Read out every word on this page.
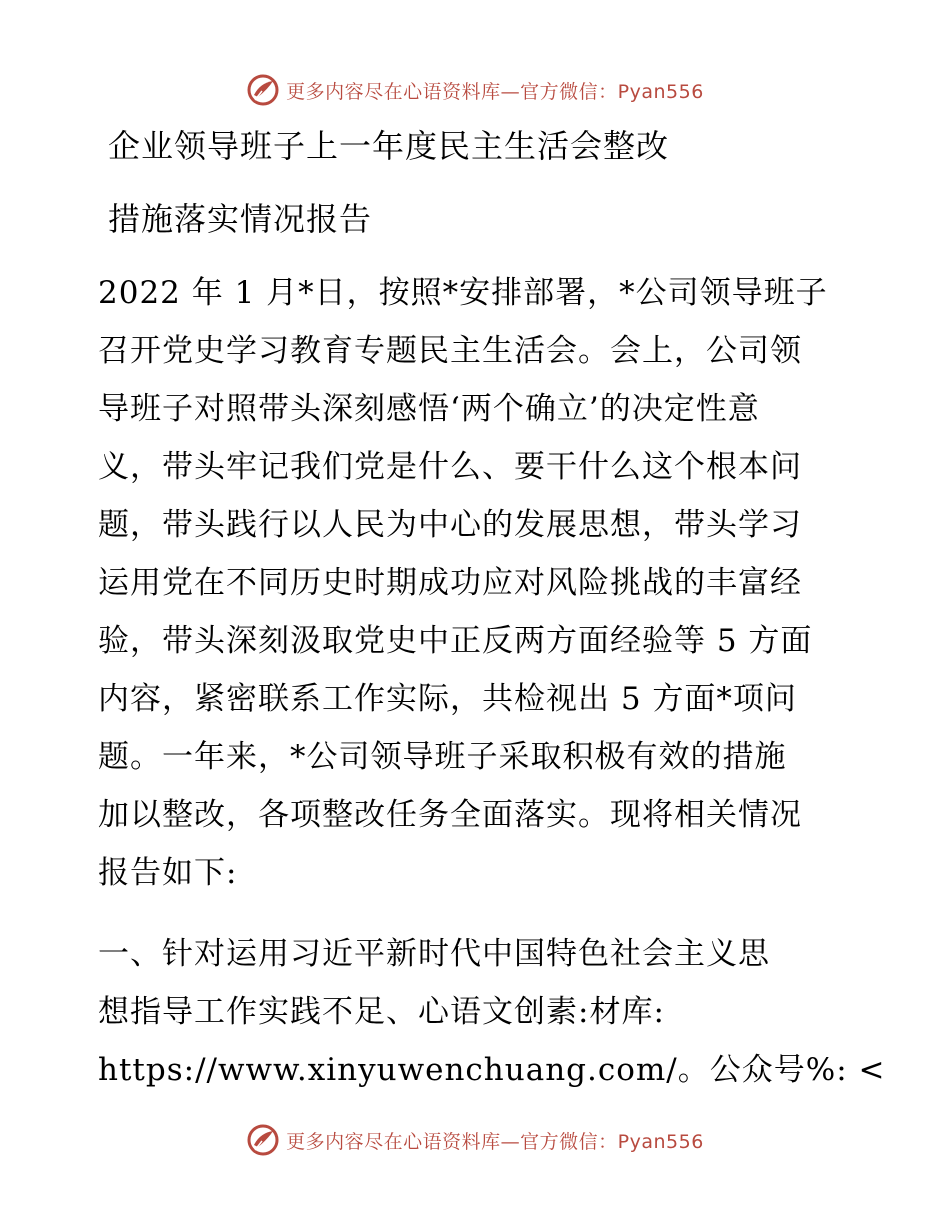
更多内容尽在心语资料库—官方微信：Pyan556
企业领导班子上一年度民主生活会整改
措施落实情况报告
2022 年 1 月*日，按照*安排部署，*公司领导班子
召开党史学习教育专题民主生活会。会上，公司领
导班子对照带头深刻感悟‘两个确立’的决定性意
义，带头牢记我们党是什么、要干什么这个根本问
题，带头践行以人民为中心的发展思想，带头学习
运用党在不同历史时期成功应对风险挑战的丰富经
验，带头深刻汲取党史中正反两方面经验等 5 方面
内容，紧密联系工作实际，共检视出 5 方面*项问
题。一年来，*公司领导班子采取积极有效的措施
加以整改，各项整改任务全面落实。现将相关情况
报告如下:
一、针对运用习近平新时代中国特色社会主义思
想指导工作实践不足、心语文创素:材库:
https://www.xinyuwenchuang.com/。公众号%: <
更多内容尽在心语资料库—官方微信：Pyan556
